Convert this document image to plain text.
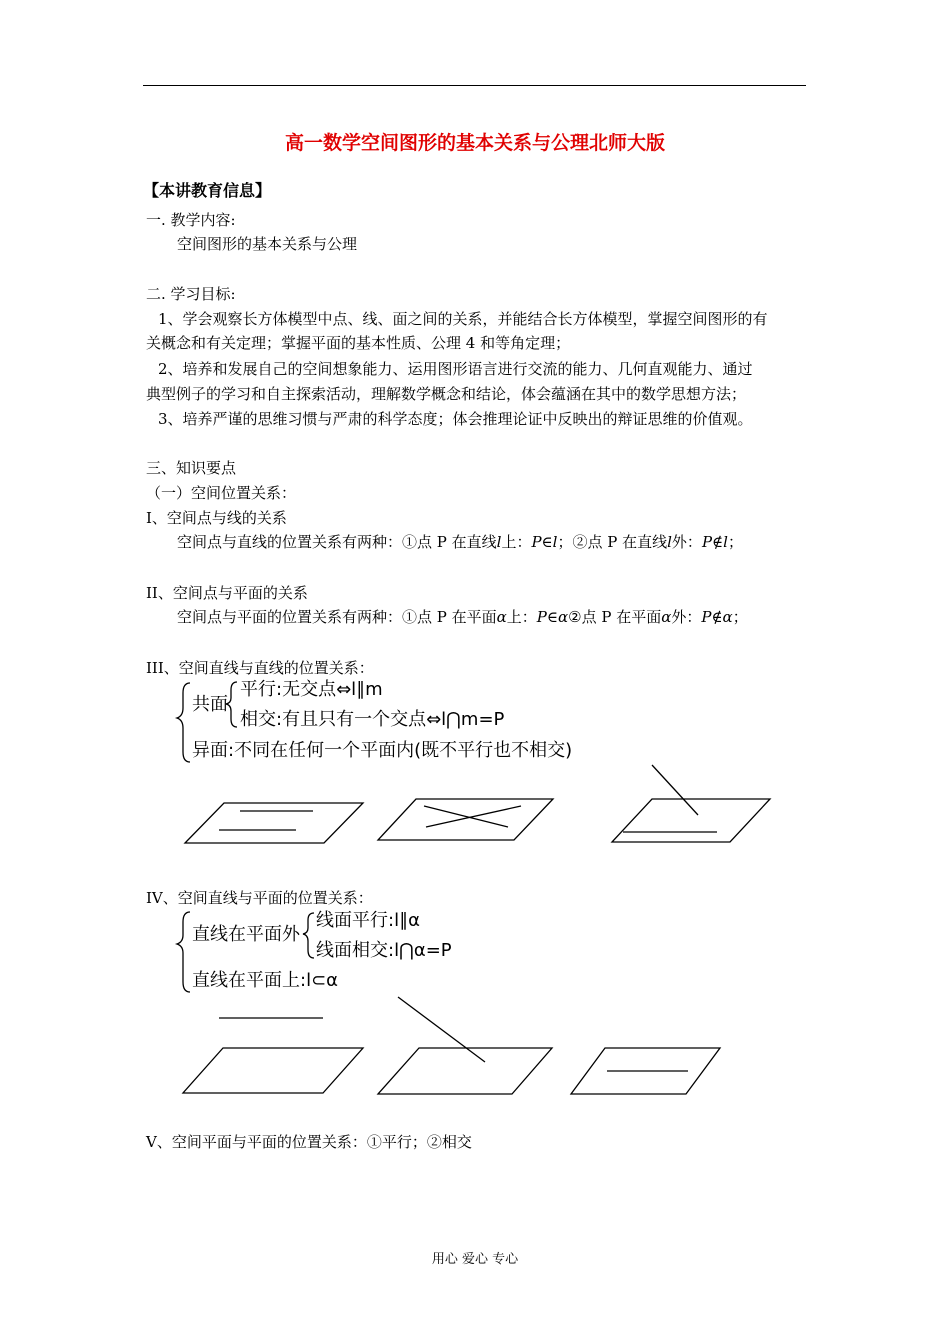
高一数学空间图形的基本关系与公理北师大版
【本讲教育信息】
一. 教学内容:
空间图形的基本关系与公理
二. 学习目标:
1、学会观察长方体模型中点、线、面之间的关系，并能结合长方体模型，掌握空间图形的有
关概念和有关定理；掌握平面的基本性质、公理 4 和等角定理；
2、培养和发展自己的空间想象能力、运用图形语言进行交流的能力、几何直观能力、通过
典型例子的学习和自主探索活动，理解数学概念和结论，体会蕴涵在其中的数学思想方法；
3、培养严谨的思维习惯与严肃的科学态度；体会推理论证中反映出的辩证思维的价值观。
三、知识要点
（一）空间位置关系：
I、空间点与线的关系
空间点与直线的位置关系有两种：①点 P 在直线l上：P∈l；②点 P 在直线l外：P∉l；
II、空间点与平面的关系
空间点与平面的位置关系有两种：①点 P 在平面α上：P∈α②点 P 在平面α外：P∉α；
III、空间直线与直线的位置关系：
共面
平行:无交点⇔l∥m
相交:有且只有一个交点⇔l⋂m=P
异面:不同在任何一个平面内(既不平行也不相交)
IV、空间直线与平面的位置关系：
直线在平面外
线面平行:l∥α
线面相交:l⋂α=P
直线在平面上:l⊂α
V、空间平面与平面的位置关系：①平行；②相交
用心 爱心 专心
